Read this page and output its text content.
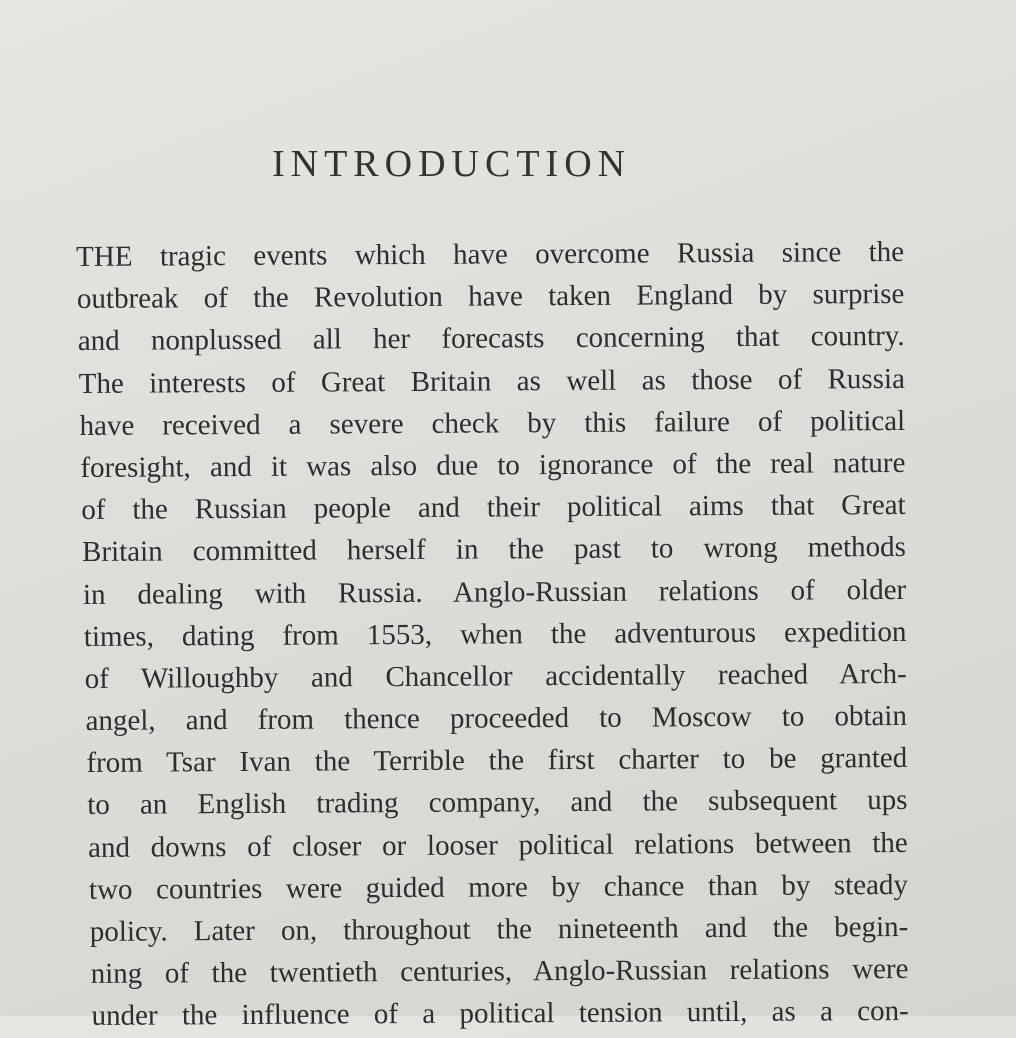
INTRODUCTION
THE tragic events which have overcome Russia since the
outbreak of the Revolution have taken England by surprise
and nonplussed all her forecasts concerning that country.
The interests of Great Britain as well as those of Russia
have received a severe check by this failure of political
foresight, and it was also due to ignorance of the real nature
of the Russian people and their political aims that Great
Britain committed herself in the past to wrong methods
in dealing with Russia. Anglo-Russian relations of older
times, dating from 1553, when the adventurous expedition
of Willoughby and Chancellor accidentally reached Arch-
angel, and from thence proceeded to Moscow to obtain
from Tsar Ivan the Terrible the first charter to be granted
to an English trading company, and the subsequent ups
and downs of closer or looser political relations between the
two countries were guided more by chance than by steady
policy. Later on, throughout the nineteenth and the begin-
ning of the twentieth centuries, Anglo-Russian relations were
under the influence of a political tension until, as a con-
